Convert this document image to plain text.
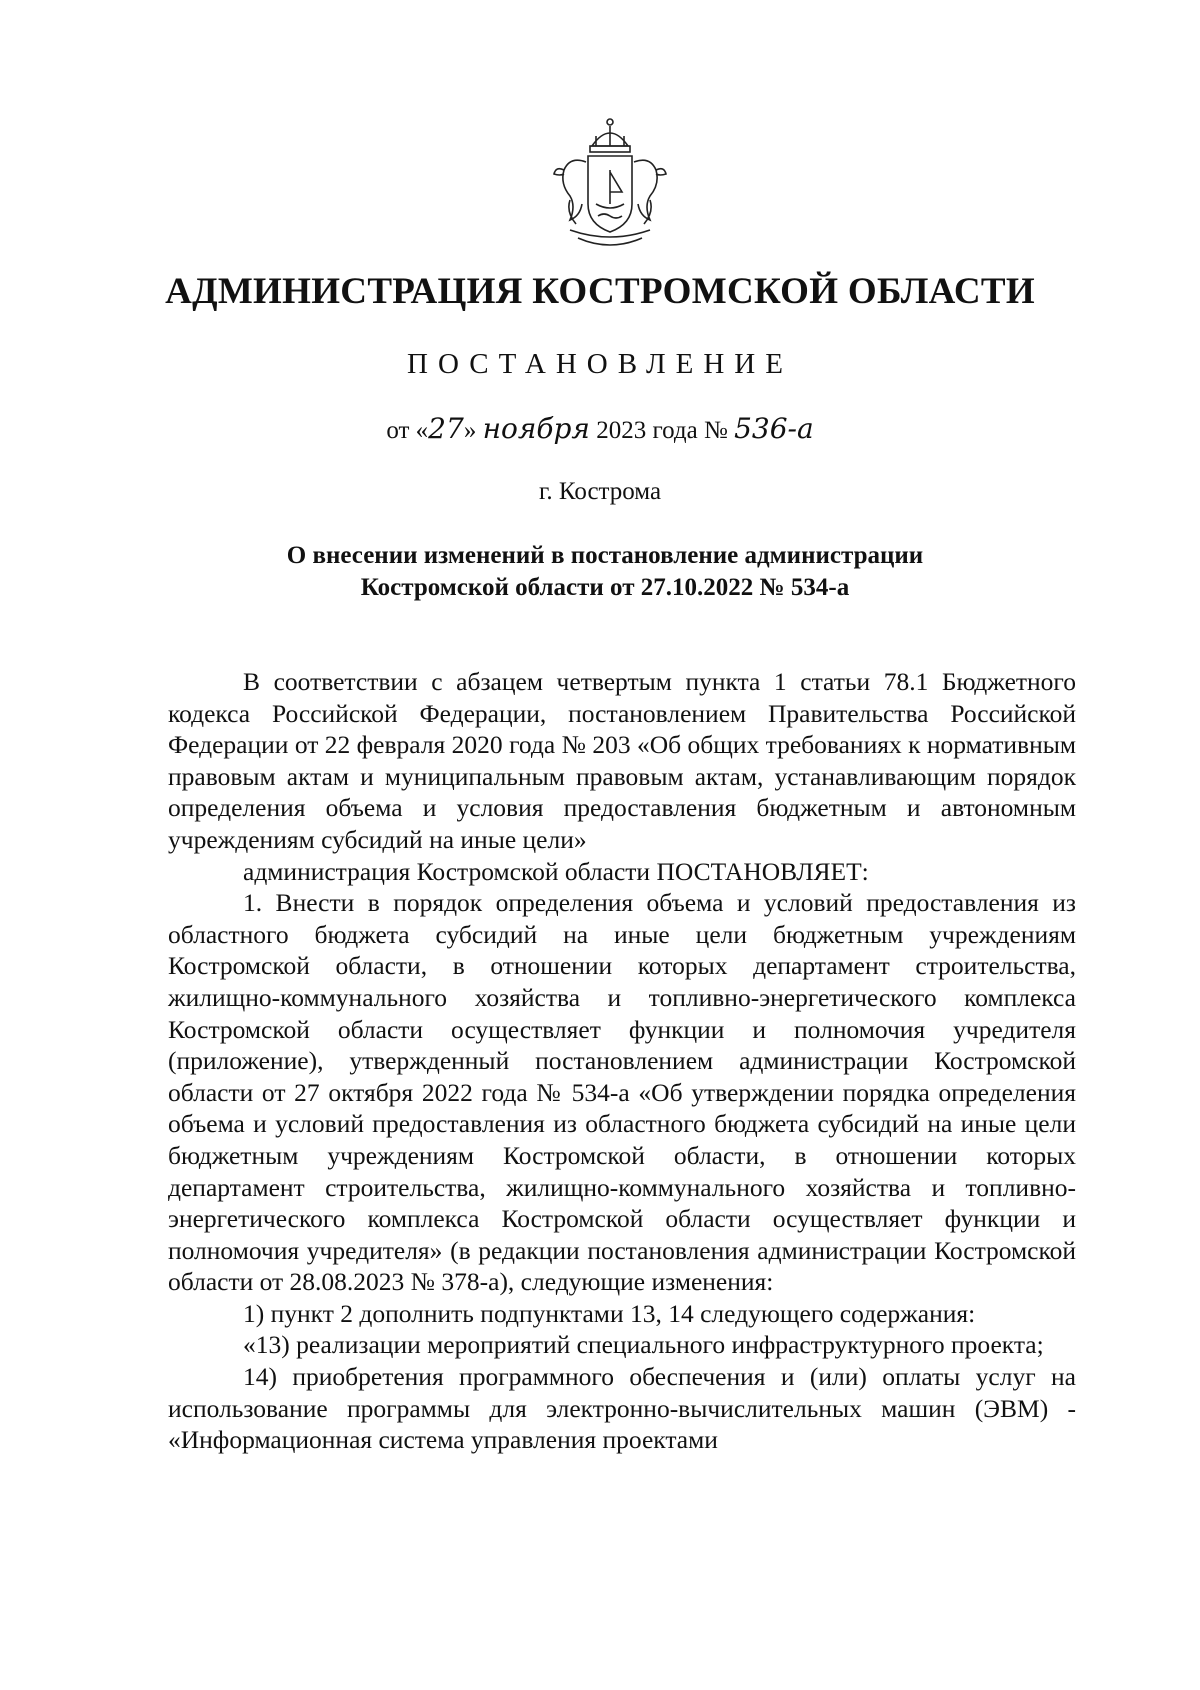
АДМИНИСТРАЦИЯ КОСТРОМСКОЙ ОБЛАСТИ
ПОСТАНОВЛЕНИЕ
от «27» ноября 2023 года № 536-а
г. Кострома
О внесении изменений в постановление администрации
Костромской области от 27.10.2022 № 534-а

В соответствии с абзацем четвертым пункта 1 статьи 78.1 Бюджетного кодекса Российской Федерации, постановлением Правительства Российской Федерации от 22 февраля 2020 года № 203 «Об общих требованиях к нормативным правовым актам и муниципальным правовым актам, устанавливающим порядок определения объема и условия предоставления бюджетным и автономным учреждениям субсидий на иные цели»

администрация Костромской области ПОСТАНОВЛЯЕТ:

1. Внести в порядок определения объема и условий предоставления из областного бюджета субсидий на иные цели бюджетным учреждениям Костромской области, в отношении которых департамент строительства, жилищно-коммунального хозяйства и топливно-энергетического комплекса Костромской области осуществляет функции и полномочия учредителя (приложение), утвержденный постановлением администрации Костромской области от 27 октября 2022 года № 534-а «Об утверждении порядка определения объема и условий предоставления из областного бюджета субсидий на иные цели бюджетным учреждениям Костромской области, в отношении которых департамент строительства, жилищно-коммунального хозяйства и топливно-энергетического комплекса Костромской области осуществляет функции и полномочия учредителя» (в редакции постановления администрации Костромской области от 28.08.2023 № 378-а), следующие изменения:

1) пункт 2 дополнить подпунктами 13, 14 следующего содержания:

«13) реализации мероприятий специального инфраструктурного проекта;

14) приобретения программного обеспечения и (или) оплаты услуг на использование программы для электронно-вычислительных машин (ЭВМ) - «Информационная система управления проектами
